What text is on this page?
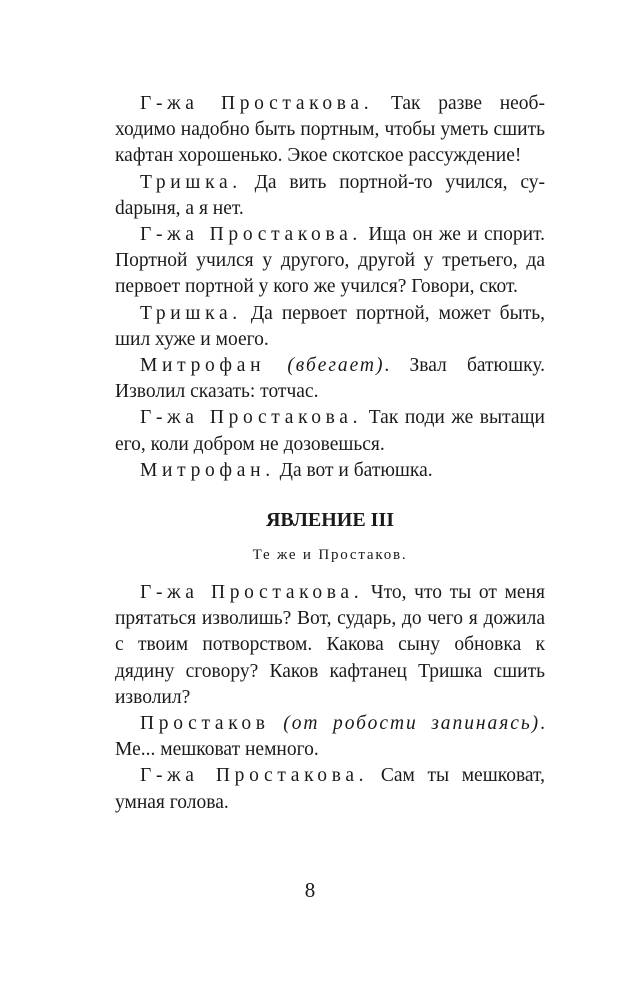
Г-жа Простакова. Так разве необходимо надобно быть портным, чтобы уметь сшить кафтан хорошенько. Экое скотское рассуждение!

Тришка. Да вить портной-то учился, суdарыня, а я нет.

Г-жа Простакова. Ища он же и спорит. Портной учился у другого, другой у третьего, да первоет портной у кого же учился? Говори, скот.

Тришка. Да первоет портной, может быть, шил хуже и моего.

Митрофан (вбегает). Звал батюшку. Изволил сказать: тотчас.

Г-жа Простакова. Так поди же вытащи его, коли добром не дозовешься.

Митрофан. Да вот и батюшка.

ЯВЛЕНИЕ III
Те же и Простаков.

Г-жа Простакова. Что, что ты от меня прятаться изволишь? Вот, сударь, до чего я дожила с твоим потворством. Какова сыну обновка к дядину сговору? Каков кафтанец Тришка сшить изволил?

Простаков (от робости запинаясь). Ме... мешковат немного.

Г-жа Простакова. Сам ты мешковат, умная голова.

8
